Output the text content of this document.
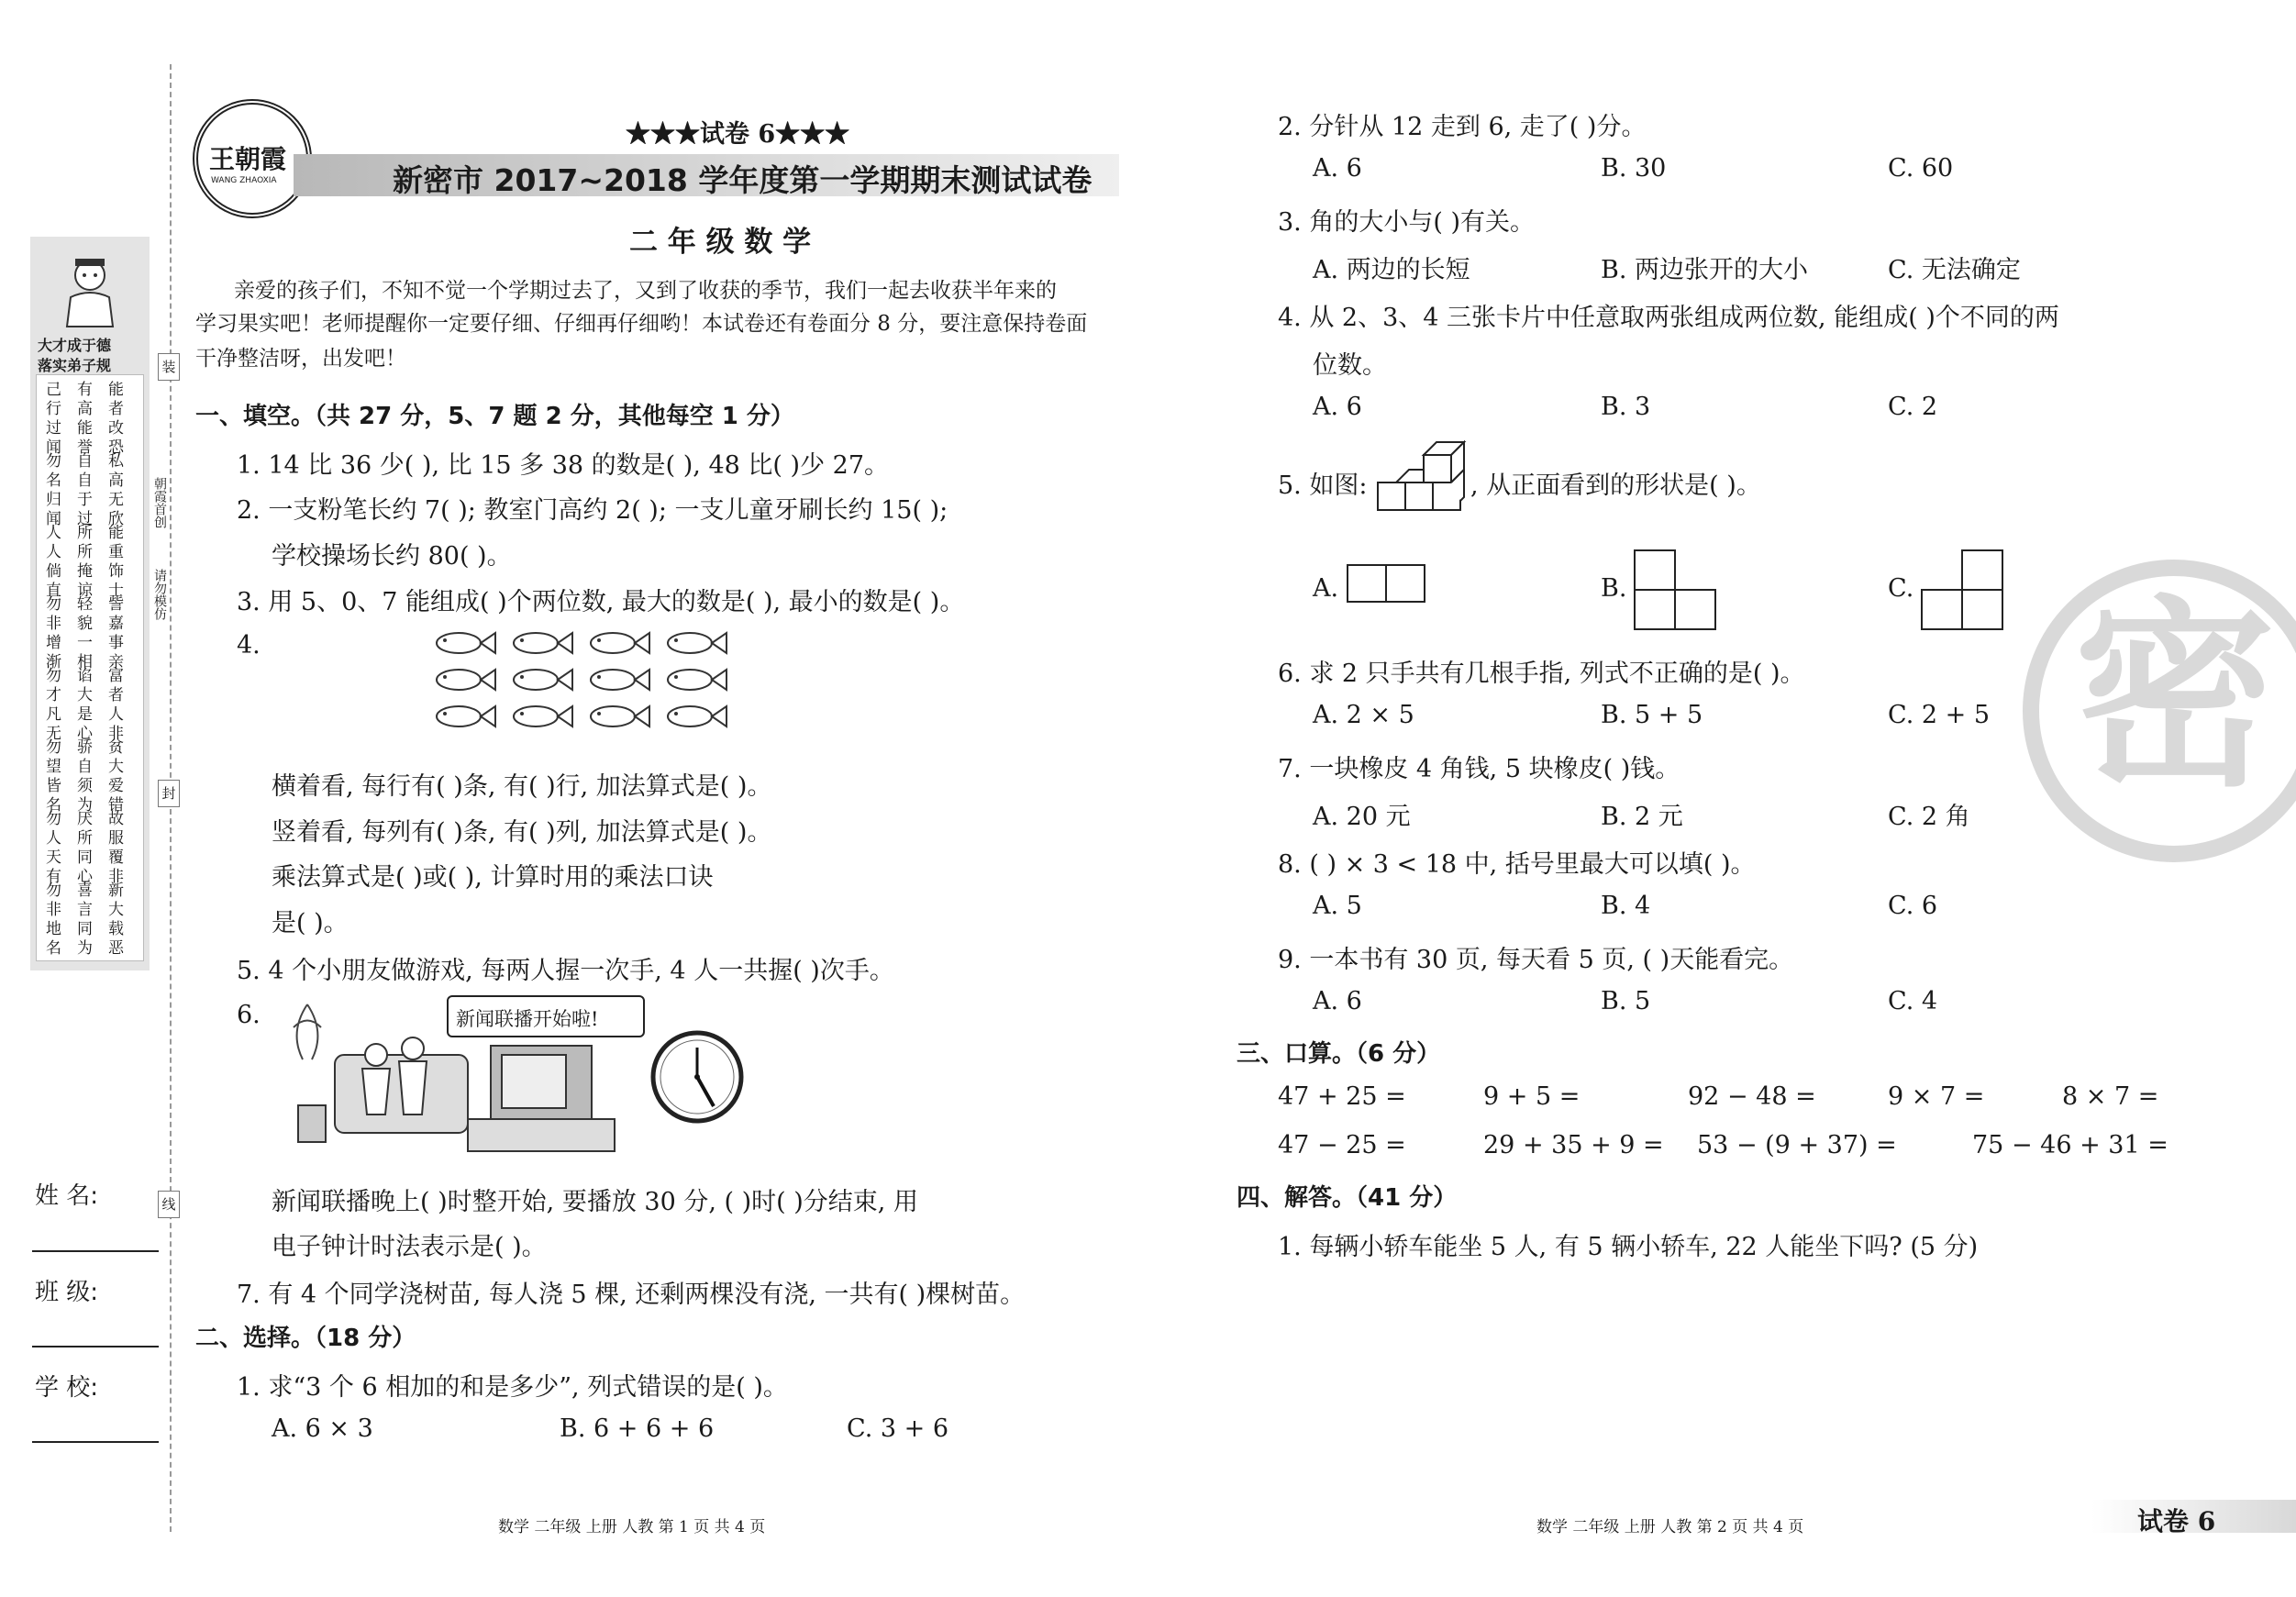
大才成于德
落实弟子规
己行过闻
有高能誉
能者改恐
勿名归闻
自自于过
私高无欣
人人倘直
所所掩谅
能重饰士
勿非增渐
轻貌一相
訾嘉事亲
勿才凡无
谄大是心
富者人非
勿望皆名
骄自须为
贫大爱错
勿人天有
厌所同心
故服覆非
勿非地名
喜言同为
新大载恶
装
封
线
朝霞首创
请勿模仿
姓 名:
班 级:
学 校:
王朝霞
WANG ZHAOXIA
★★★试卷 6★★★
新密市 2017~2018 学年度第一学期期末测试试卷
二 年 级 数 学
亲爱的孩子们，不知不觉一个学期过去了，又到了收获的季节，我们一起去收获半年来的
学习果实吧！老师提醒你一定要仔细、仔细再仔细哟！本试卷还有卷面分 8 分，要注意保持卷面
干净整洁呀，出发吧！
一、填空。（共 27 分，5、7 题 2 分，其他每空 1 分）
1. 14 比 36 少( ), 比 15 多 38 的数是( ), 48 比( )少 27。
2. 一支粉笔长约 7( ); 教室门高约 2( ); 一支儿童牙刷长约 15( );
学校操场长约 80( )。
3. 用 5、0、7 能组成( )个两位数, 最大的数是( ), 最小的数是( )。
4.
横着看, 每行有( )条, 有( )行, 加法算式是( )。
竖着看, 每列有( )条, 有( )列, 加法算式是( )。
乘法算式是( )或( ), 计算时用的乘法口诀
是( )。
5. 4 个小朋友做游戏, 每两人握一次手, 4 人一共握( )次手。
6.	新闻联播开始啦!
新闻联播晚上( )时整开始, 要播放 30 分, ( )时( )分结束, 用
电子钟计时法表示是( )。
7. 有 4 个同学浇树苗, 每人浇 5 棵, 还剩两棵没有浇, 一共有( )棵树苗。
二、选择。（18 分）
1. 求“3 个 6 相加的和是多少”, 列式错误的是( )。
A. 6 × 3	B. 6 + 6 + 6	C. 3 + 6
数学 二年级 上册 人教 第 1 页 共 4 页
密
2. 分针从 12 走到 6, 走了( )分。
A. 6	B. 30	C. 60
3. 角的大小与( )有关。
A. 两边的长短	B. 两边张开的大小	C. 无法确定
4. 从 2、3、4 三张卡片中任意取两张组成两位数, 能组成( )个不同的两
位数。
A. 6	B. 3	C. 2
5. 如图:	, 从正面看到的形状是( )。
A.	B.	C.
6. 求 2 只手共有几根手指, 列式不正确的是( )。
A. 2 × 5	B. 5 + 5	C. 2 + 5
7. 一块橡皮 4 角钱, 5 块橡皮( )钱。
A. 20 元	B. 2 元	C. 2 角
8. ( ) × 3 < 18 中, 括号里最大可以填( )。
A. 5	B. 4	C. 6
9. 一本书有 30 页, 每天看 5 页, ( )天能看完。
A. 6	B. 5	C. 4
三、口算。（6 分）
47 + 25 =	9 + 5 =	92 − 48 =	9 × 7 =	8 × 7 =
47 − 25 =	29 + 35 + 9 = 53 − (9 + 37) =	75 − 46 + 31 =
四、解答。（41 分）
1. 每辆小轿车能坐 5 人, 有 5 辆小轿车, 22 人能坐下吗? (5 分)
数学 二年级 上册 人教 第 2 页 共 4 页	试卷 6
